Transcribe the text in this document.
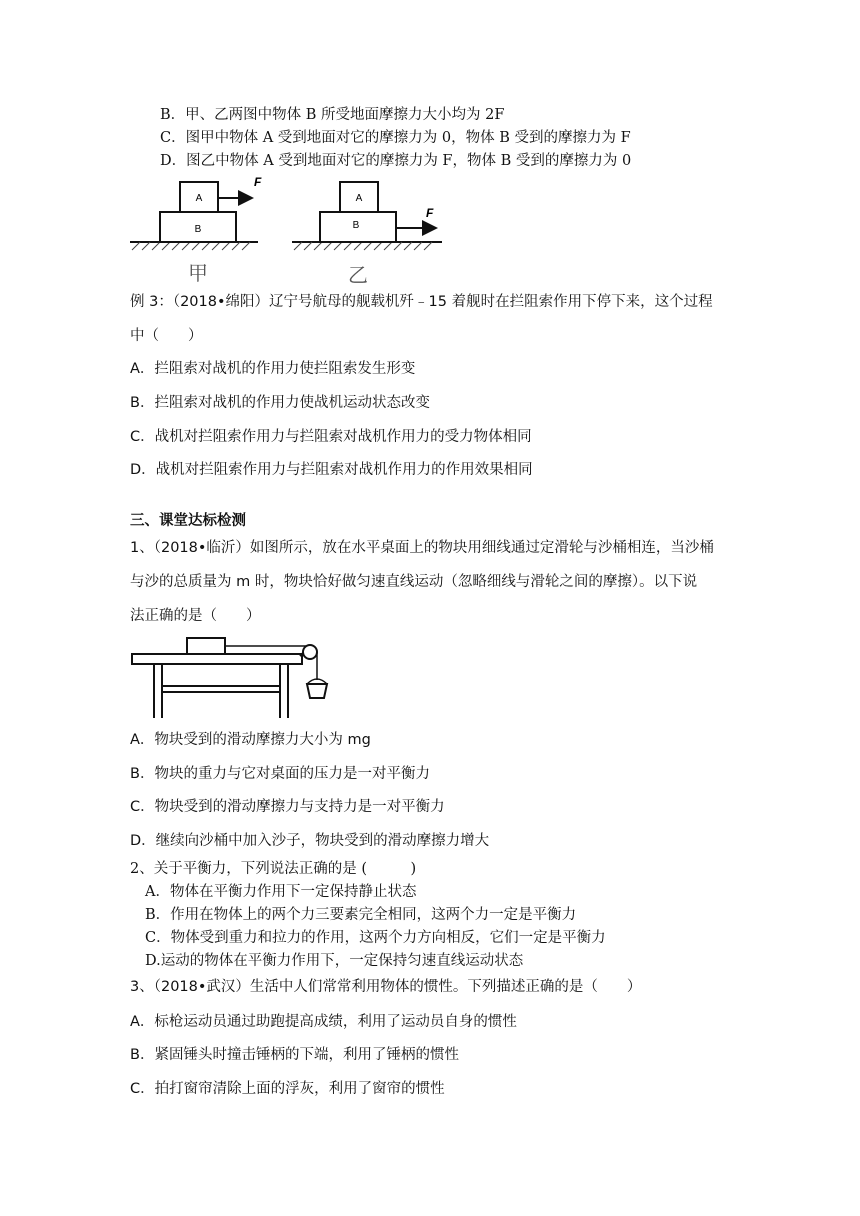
B．甲、乙两图中物体 B 所受地面摩擦力大小均为 2F
C．图甲中物体 A 受到地面对它的摩擦力为 0，物体 B 受到的摩擦力为 F
D．图乙中物体 A 受到地面对它的摩擦力为 F，物体 B 受到的摩擦力为 0
B
A
F
甲
B
A
F
乙
例 3：（2018•绵阳）辽宁号航母的舰载机歼﹣15 着舰时在拦阻索作用下停下来，这个过程
中（　　）
A．拦阻索对战机的作用力使拦阻索发生形变
B．拦阻索对战机的作用力使战机运动状态改变
C．战机对拦阻索作用力与拦阻索对战机作用力的受力物体相同
D．战机对拦阻索作用力与拦阻索对战机作用力的作用效果相同
三、课堂达标检测
1、（2018•临沂）如图所示，放在水平桌面上的物块用细线通过定滑轮与沙桶相连，当沙桶
与沙的总质量为 m 时，物块恰好做匀速直线运动（忽略细线与滑轮之间的摩擦）。以下说
法正确的是（　　）
A．物块受到的滑动摩擦力大小为 mg
B．物块的重力与它对桌面的压力是一对平衡力
C．物块受到的滑动摩擦力与支持力是一对平衡力
D．继续向沙桶中加入沙子，物块受到的滑动摩擦力增大
2、关于平衡力，下列说法正确的是 (　　　)
A．物体在平衡力作用下一定保持静止状态
B．作用在物体上的两个力三要素完全相同，这两个力一定是平衡力
C．物体受到重力和拉力的作用，这两个力方向相反，它们一定是平衡力
D.运动的物体在平衡力作用下，一定保持匀速直线运动状态
3、（2018•武汉）生活中人们常常利用物体的惯性。下列描述正确的是（　　）
A．标枪运动员通过助跑提高成绩，利用了运动员自身的惯性
B．紧固锤头时撞击锤柄的下端，利用了锤柄的惯性
C．拍打窗帘清除上面的浮灰，利用了窗帘的惯性
